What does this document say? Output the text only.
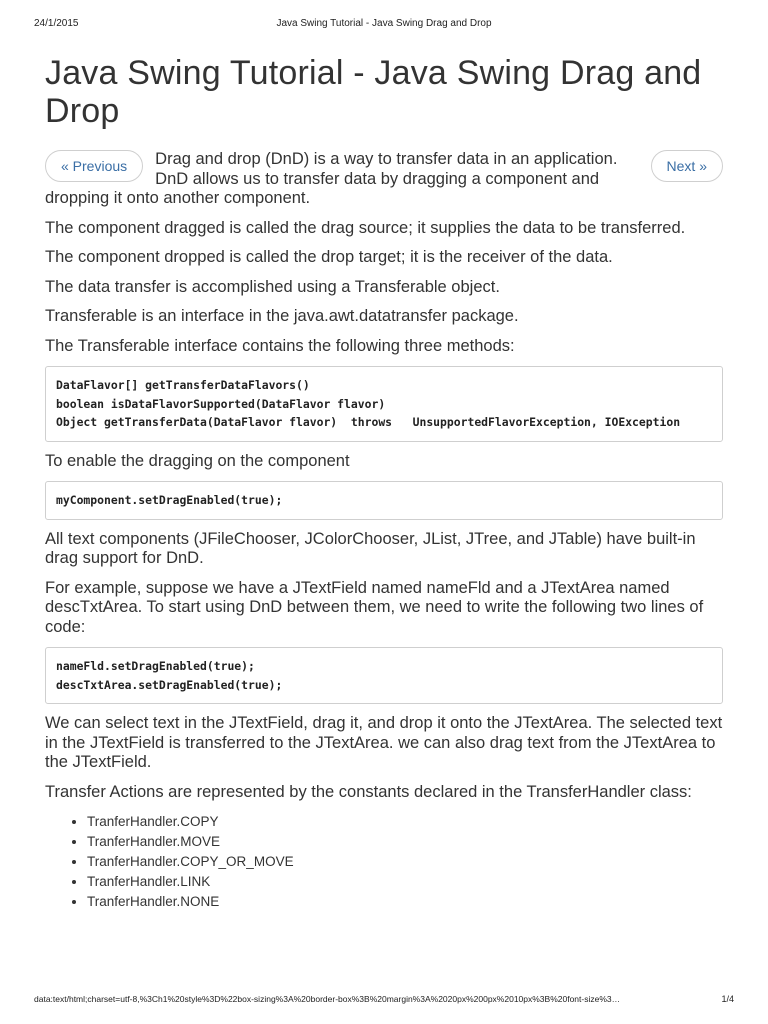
24/1/2015	Java Swing Tutorial - Java Swing Drag and Drop
Java Swing Tutorial - Java Swing Drag and Drop
« Previous	Next »

Drag and drop (DnD) is a way to transfer data in an application. DnD allows us to transfer data by dragging a component and dropping it onto another component.

The component dragged is called the drag source; it supplies the data to be transferred.

The component dropped is called the drop target; it is the receiver of the data.

The data transfer is accomplished using a Transferable object.

Transferable is an interface in the java.awt.datatransfer package.

The Transferable interface contains the following three methods:

DataFlavor[] getTransferDataFlavors()
boolean isDataFlavorSupported(DataFlavor flavor)
Object getTransferData(DataFlavor flavor)  throws   UnsupportedFlavorException, IOException

To enable the dragging on the component

myComponent.setDragEnabled(true);

All text components (JFileChooser, JColorChooser, JList, JTree, and JTable) have built-in drag support for DnD.

For example, suppose we have a JTextField named nameFld and a JTextArea named descTxtArea. To start using DnD between them, we need to write the following two lines of code:

nameFld.setDragEnabled(true);
descTxtArea.setDragEnabled(true);

We can select text in the JTextField, drag it, and drop it onto the JTextArea. The selected text in the JTextField is transferred to the JTextArea. we can also drag text from the JTextArea to the JTextField.

Transfer Actions are represented by the constants declared in the TransferHandler class:

• TranferHandler.COPY
• TranferHandler.MOVE
• TranferHandler.COPY_OR_MOVE
• TranferHandler.LINK
• TranferHandler.NONE
data:text/html;charset=utf-8,%3Ch1%20style%3D%22box-sizing%3A%20border-box%3B%20margin%3A%2020px%200px%2010px%3B%20font-size%3…	1/4
